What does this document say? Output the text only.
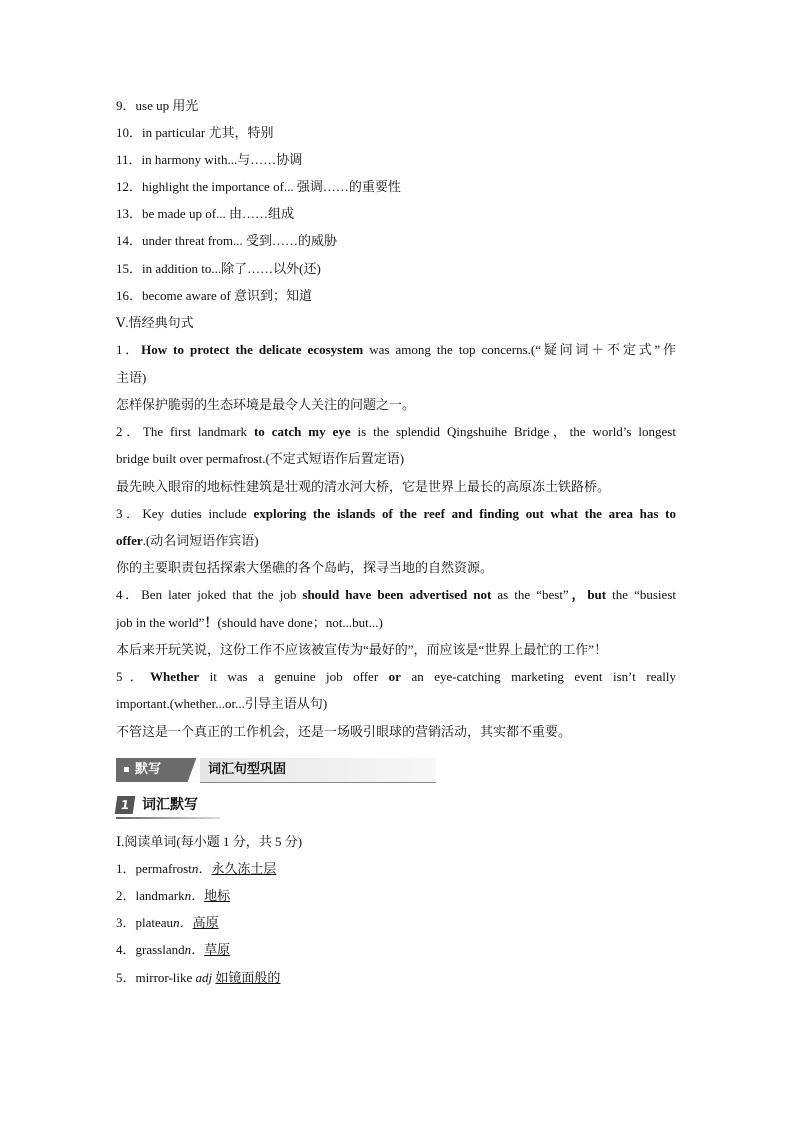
9．use up 用光
10．in particular 尤其，特别
11．in harmony with...与……协调
12．highlight the importance of... 强调……的重要性
13．be made up of... 由……组成
14．under threat from... 受到……的威胁
15．in addition to...除了……以外(还)
16．become aware of 意识到；知道
Ⅴ.悟经典句式
1．How to protect the delicate ecosystem was among the top concerns.(“疑问词＋不定式”作
主语)
怎样保护脆弱的生态环境是最令人关注的问题之一。
2．The first landmark to catch my eye is the splendid Qingshuihe Bridge，the world’s longest
bridge built over permafrost.(不定式短语作后置定语)
最先映入眼帘的地标性建筑是壮观的清水河大桥，它是世界上最长的高原冻土铁路桥。
3．Key duties include exploring the islands of the reef and finding out what the area has to
offer.(动名词短语作宾语)
你的主要职责包括探索大堡礁的各个岛屿，探寻当地的自然资源。
4．Ben later joked that the job should have been advertised not as the “best”，but the “busiest
job in the world”！(should have done；not...but...)
本后来开玩笑说，这份工作不应该被宣传为“最好的”，而应该是“世界上最忙的工作”！
5．Whether it was a genuine job offer or an eye-catching marketing event isn’t really
important.(whether...or...引导主语从句)
不管这是一个真正的工作机会，还是一场吸引眼球的营销活动，其实都不重要。
默写	词汇句型巩固
1 词汇默写
Ⅰ.阅读单词(每小题 1 分，共 5 分)
1．permafrostn．永久冻土层
2．landmarkn．地标
3．plateaun．高原
4．grasslandn．草原
5．mirror-like adj 如镜面般的
